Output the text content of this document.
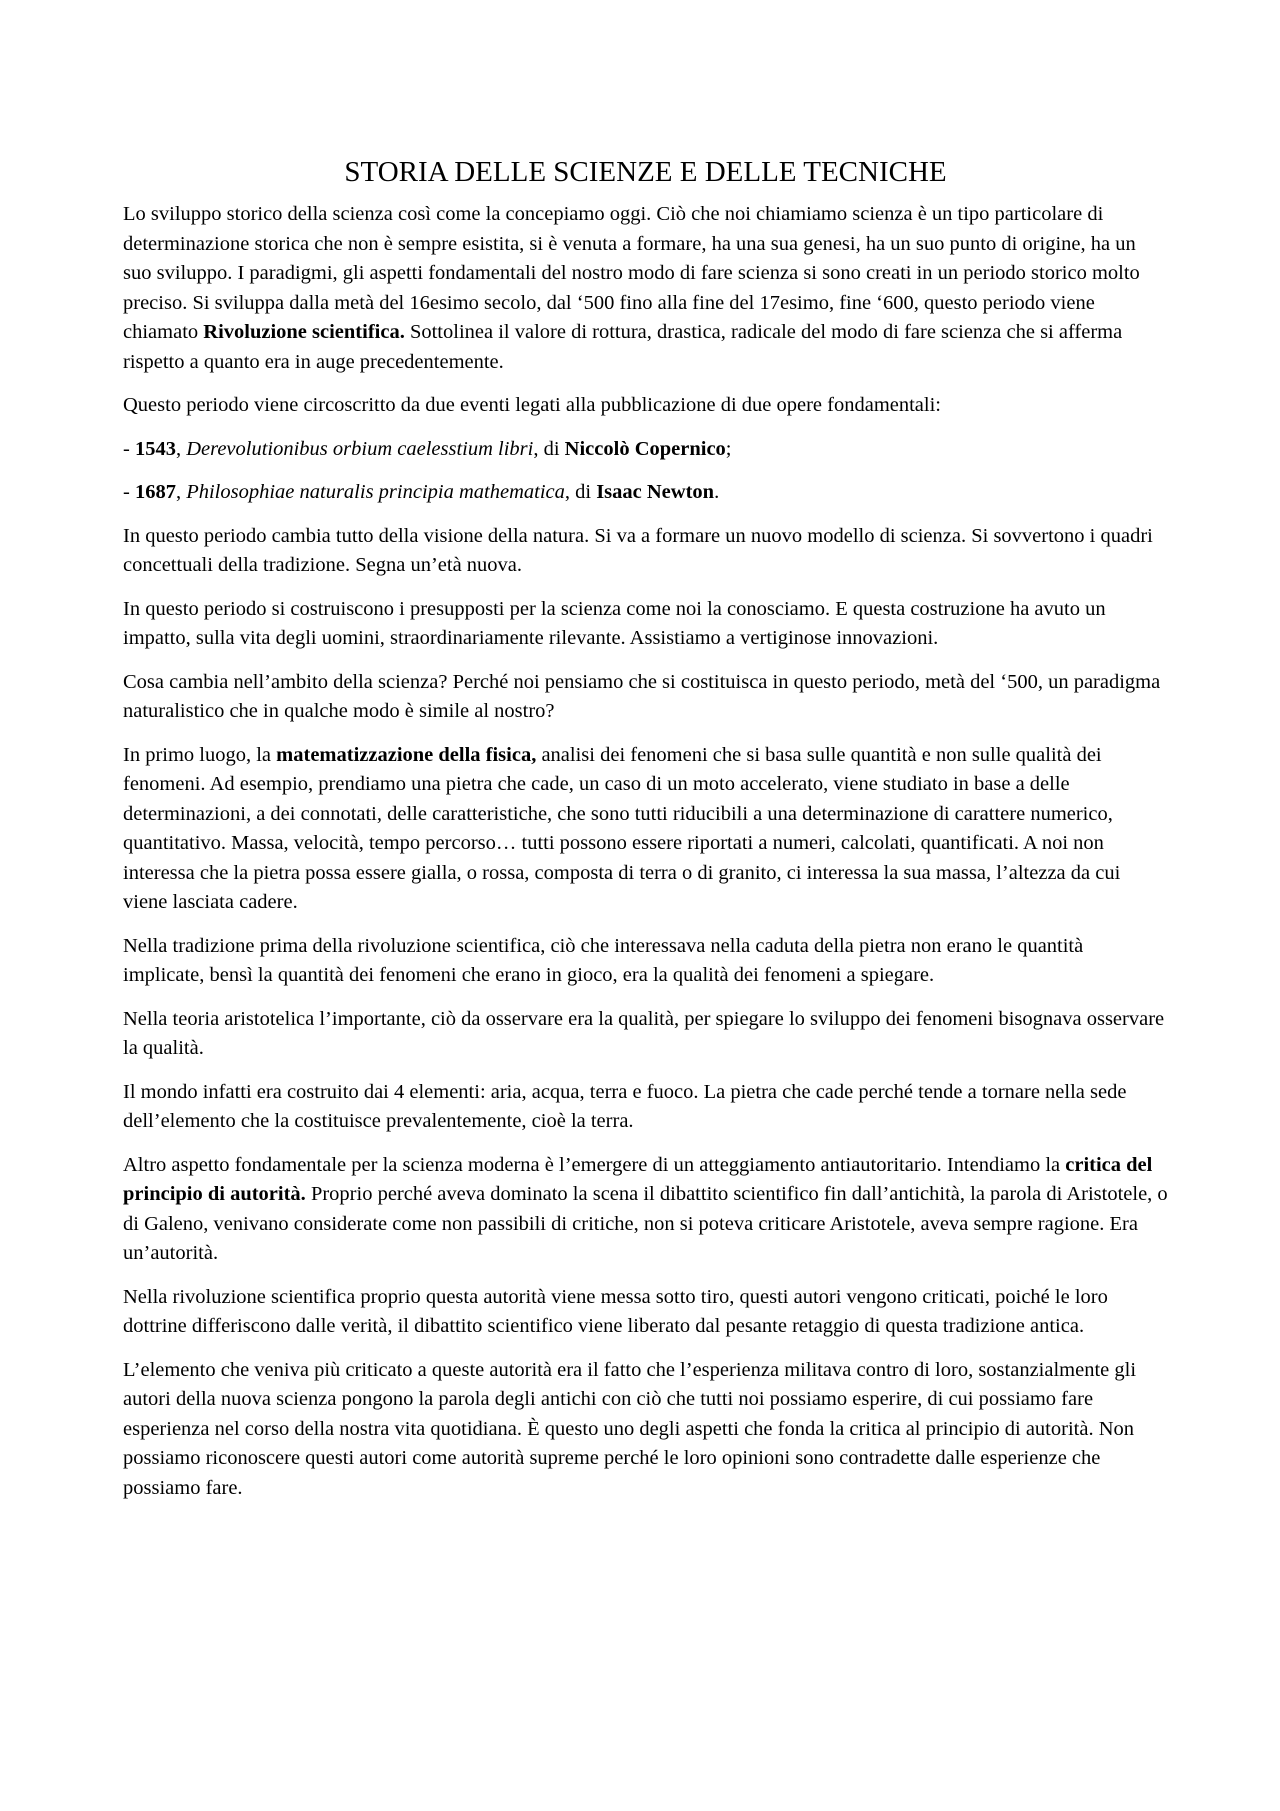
STORIA DELLE SCIENZE E DELLE TECNICHE

Lo sviluppo storico della scienza così come la concepiamo oggi. Ciò che noi chiamiamo scienza è un tipo particolare di determinazione storica che non è sempre esistita, si è venuta a formare, ha una sua genesi, ha un suo punto di origine, ha un suo sviluppo. I paradigmi, gli aspetti fondamentali del nostro modo di fare scienza si sono creati in un periodo storico molto preciso. Si sviluppa dalla metà del 16esimo secolo, dal ‘500 fino alla fine del 17esimo, fine ‘600, questo periodo viene chiamato Rivoluzione scientifica. Sottolinea il valore di rottura, drastica, radicale del modo di fare scienza che si afferma rispetto a quanto era in auge precedentemente.

Questo periodo viene circoscritto da due eventi legati alla pubblicazione di due opere fondamentali:

- 1543, Derevolutionibus orbium caelesstium libri, di Niccolò Copernico;

- 1687, Philosophiae naturalis principia mathematica, di Isaac Newton.

In questo periodo cambia tutto della visione della natura. Si va a formare un nuovo modello di scienza. Si sovvertono i quadri concettuali della tradizione. Segna un’età nuova.

In questo periodo si costruiscono i presupposti per la scienza come noi la conosciamo. E questa costruzione ha avuto un impatto, sulla vita degli uomini, straordinariamente rilevante. Assistiamo a vertiginose innovazioni.

Cosa cambia nell’ambito della scienza? Perché noi pensiamo che si costituisca in questo periodo, metà del ‘500, un paradigma naturalistico che in qualche modo è simile al nostro?

In primo luogo, la matematizzazione della fisica, analisi dei fenomeni che si basa sulle quantità e non sulle qualità dei fenomeni. Ad esempio, prendiamo una pietra che cade, un caso di un moto accelerato, viene studiato in base a delle determinazioni, a dei connotati, delle caratteristiche, che sono tutti riducibili a una determinazione di carattere numerico, quantitativo. Massa, velocità, tempo percorso… tutti possono essere riportati a numeri, calcolati, quantificati. A noi non interessa che la pietra possa essere gialla, o rossa, composta di terra o di granito, ci interessa la sua massa, l’altezza da cui viene lasciata cadere.

Nella tradizione prima della rivoluzione scientifica, ciò che interessava nella caduta della pietra non erano le quantità implicate, bensì la quantità dei fenomeni che erano in gioco, era la qualità dei fenomeni a spiegare.

Nella teoria aristotelica l’importante, ciò da osservare era la qualità, per spiegare lo sviluppo dei fenomeni bisognava osservare la qualità.

Il mondo infatti era costruito dai 4 elementi: aria, acqua, terra e fuoco. La pietra che cade perché tende a tornare nella sede dell’elemento che la costituisce prevalentemente, cioè la terra.

Altro aspetto fondamentale per la scienza moderna è l’emergere di un atteggiamento antiautoritario. Intendiamo la critica del principio di autorità. Proprio perché aveva dominato la scena il dibattito scientifico fin dall’antichità, la parola di Aristotele, o di Galeno, venivano considerate come non passibili di critiche, non si poteva criticare Aristotele, aveva sempre ragione. Era un’autorità.

Nella rivoluzione scientifica proprio questa autorità viene messa sotto tiro, questi autori vengono criticati, poiché le loro dottrine differiscono dalle verità, il dibattito scientifico viene liberato dal pesante retaggio di questa tradizione antica.

L’elemento che veniva più criticato a queste autorità era il fatto che l’esperienza militava contro di loro, sostanzialmente gli autori della nuova scienza pongono la parola degli antichi con ciò che tutti noi possiamo esperire, di cui possiamo fare esperienza nel corso della nostra vita quotidiana. È questo uno degli aspetti che fonda la critica al principio di autorità. Non possiamo riconoscere questi autori come autorità supreme perché le loro opinioni sono contradette dalle esperienze che possiamo fare.
